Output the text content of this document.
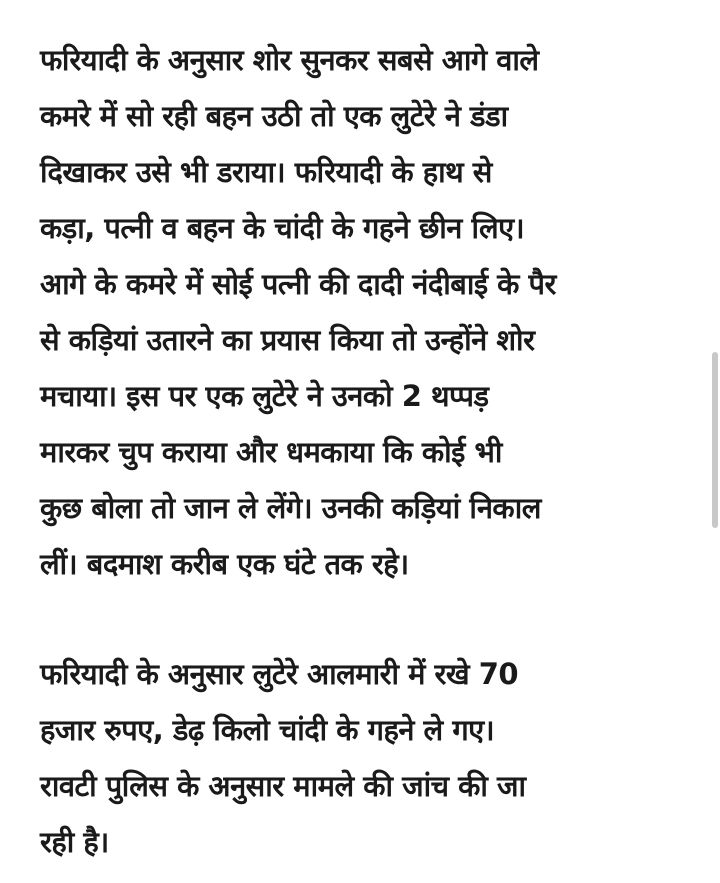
फरियादी के अनुसार शोर सुनकर सबसे आगे वाले
कमरे में सो रही बहन उठी तो एक लुटेरे ने डंडा
दिखाकर उसे भी डराया। फरियादी के हाथ से
कड़ा, पत्नी व बहन के चांदी के गहने छीन लिए।
आगे के कमरे में सोई पत्नी की दादी नंदीबाई के पैर
से कड़ियां उतारने का प्रयास किया तो उन्होंने शोर
मचाया। इस पर एक लुटेरे ने उनको 2 थप्पड़
मारकर चुप कराया और धमकाया कि कोई भी
कुछ बोला तो जान ले लेंगे। उनकी कड़ियां निकाल
लीं। बदमाश करीब एक घंटे तक रहे।

फरियादी के अनुसार लुटेरे आलमारी में रखे 70
हजार रुपए, डेढ़ किलो चांदी के गहने ले गए।
रावटी पुलिस के अनुसार मामले की जांच की जा
रही है।
